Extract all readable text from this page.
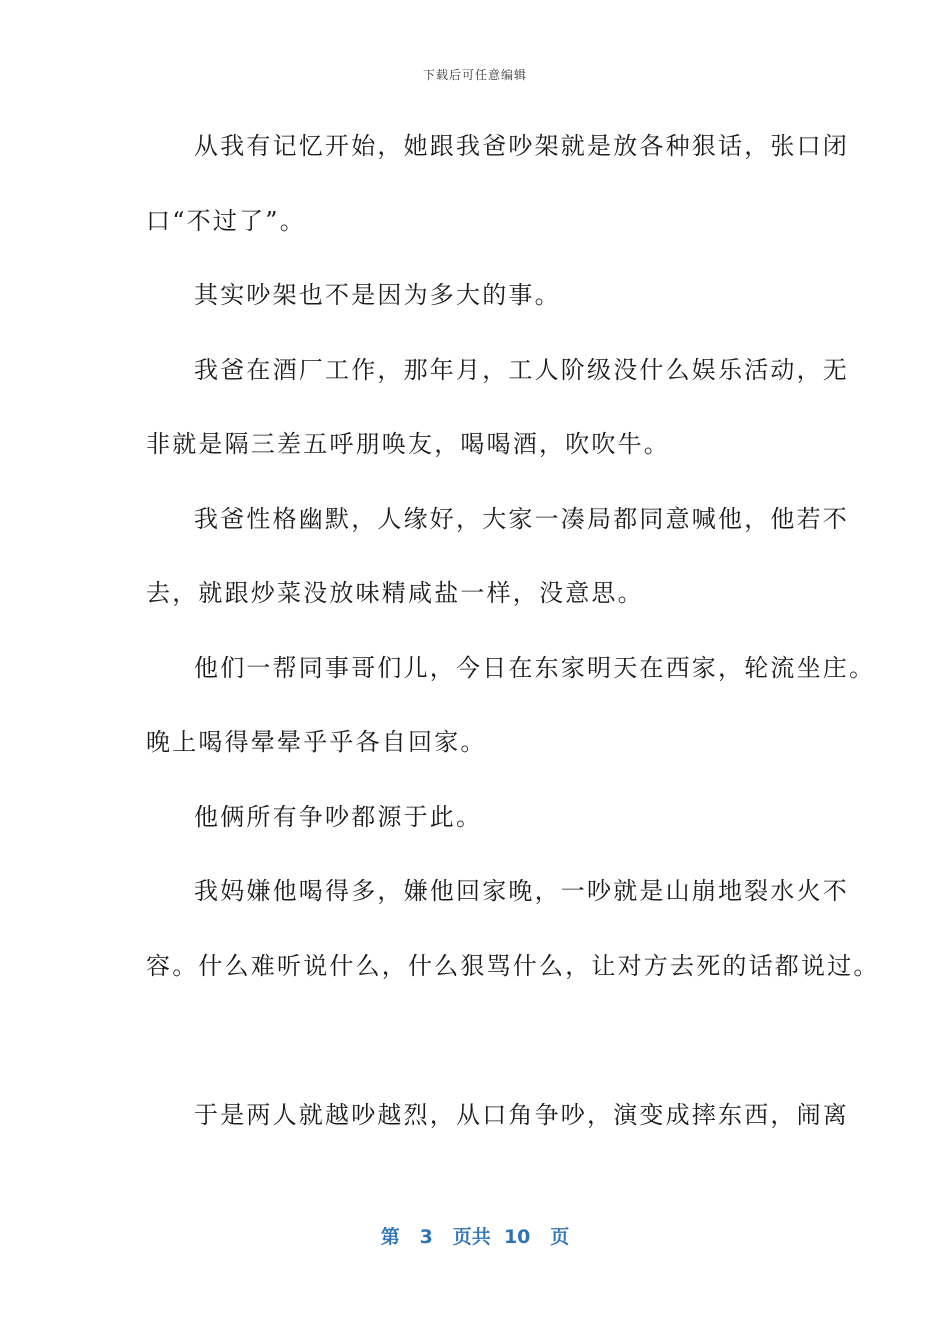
下载后可任意编辑
从我有记忆开始，她跟我爸吵架就是放各种狠话，张口闭
口“不过了”。
其实吵架也不是因为多大的事。
我爸在酒厂工作，那年月，工人阶级没什么娱乐活动，无
非就是隔三差五呼朋唤友，喝喝酒，吹吹牛。
我爸性格幽默，人缘好，大家一凑局都同意喊他，他若不
去，就跟炒菜没放味精咸盐一样，没意思。
他们一帮同事哥们儿，今日在东家明天在西家，轮流坐庄。
晚上喝得晕晕乎乎各自回家。
他俩所有争吵都源于此。
我妈嫌他喝得多，嫌他回家晚，一吵就是山崩地裂水火不
容。什么难听说什么，什么狠骂什么，让对方去死的话都说过。
于是两人就越吵越烈，从口角争吵，演变成摔东西，闹离
第 3 页共 10 页
